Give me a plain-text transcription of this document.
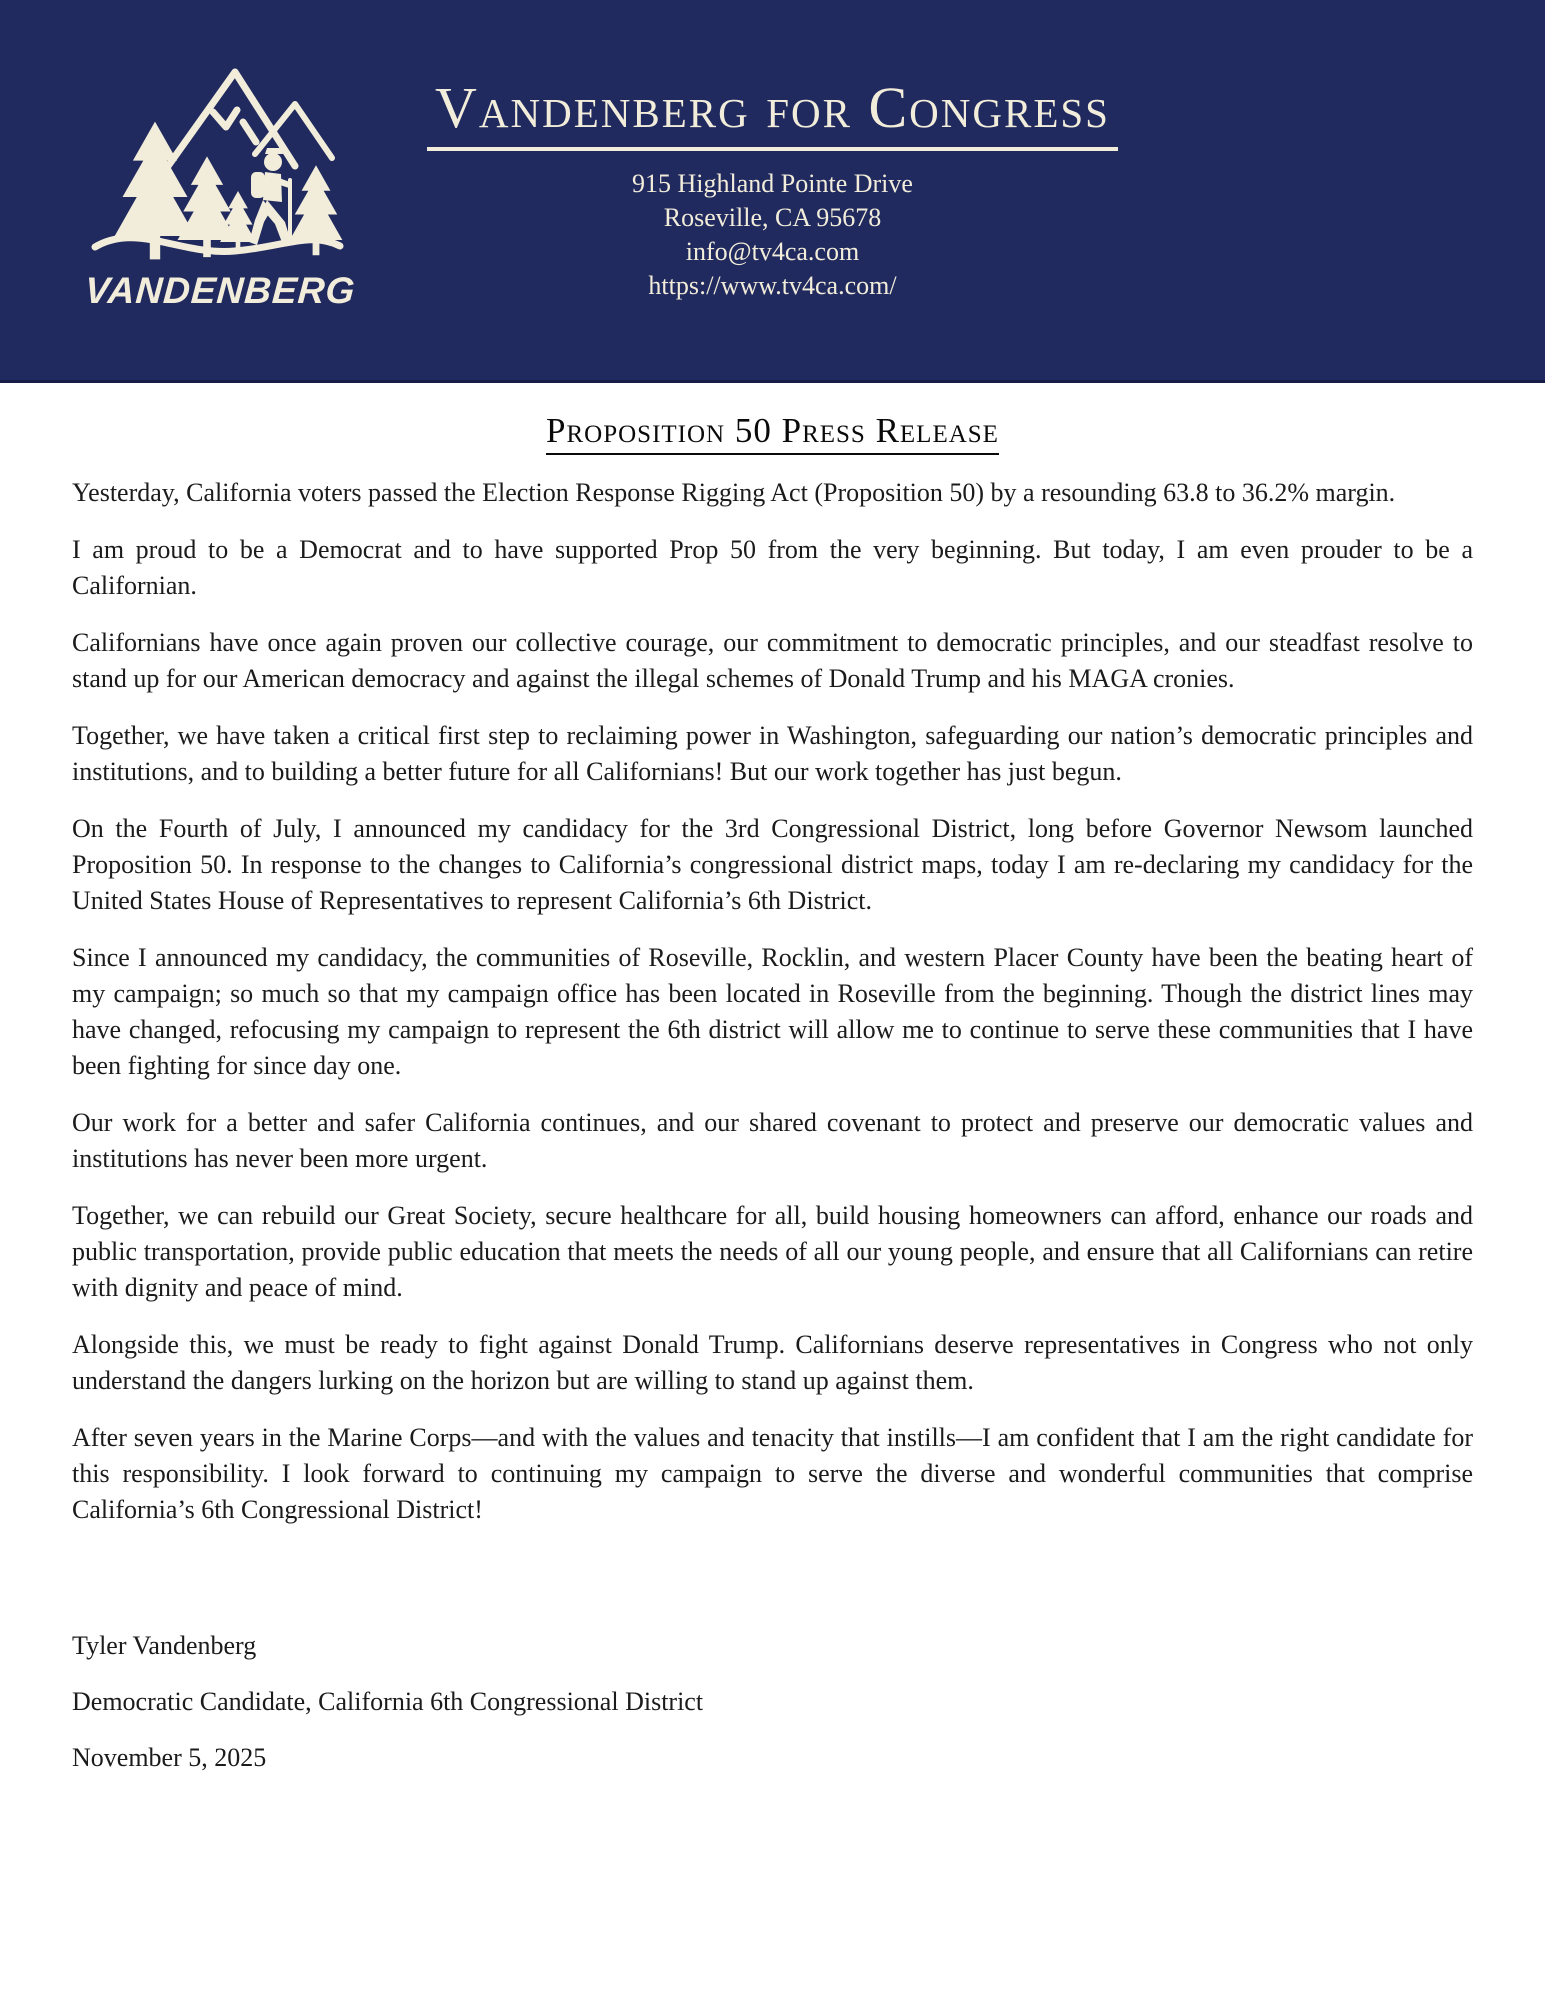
VANDENBERG
Vandenberg for Congress
915 Highland Pointe Drive
Roseville, CA 95678
info@tv4ca.com
https://www.tv4ca.com/
Proposition 50 Press Release

Yesterday, California voters passed the Election Response Rigging Act (Proposition 50) by a resounding 63.8 to 36.2% margin.

I am proud to be a Democrat and to have supported Prop 50 from the very beginning. But today, I am even prouder to be a Californian.

Californians have once again proven our collective courage, our commitment to democratic principles, and our steadfast resolve to stand up for our American democracy and against the illegal schemes of Donald Trump and his MAGA cronies.

Together, we have taken a critical first step to reclaiming power in Washington, safeguarding our nation’s democratic principles and institutions, and to building a better future for all Californians! But our work together has just begun.

On the Fourth of July, I announced my candidacy for the 3rd Congressional District, long before Governor Newsom launched Proposition 50. In response to the changes to California’s congressional district maps, today I am re-declaring my candidacy for the United States House of Representatives to represent California’s 6th District.

Since I announced my candidacy, the communities of Roseville, Rocklin, and western Placer County have been the beating heart of my campaign; so much so that my campaign office has been located in Roseville from the beginning. Though the district lines may have changed, refocusing my campaign to represent the 6th district will allow me to continue to serve these communities that I have been fighting for since day one.

Our work for a better and safer California continues, and our shared covenant to protect and preserve our democratic values and institutions has never been more urgent.

Together, we can rebuild our Great Society, secure healthcare for all, build housing homeowners can afford, enhance our roads and public transportation, provide public education that meets the needs of all our young people, and ensure that all Californians can retire with dignity and peace of mind.

Alongside this, we must be ready to fight against Donald Trump. Californians deserve representatives in Congress who not only understand the dangers lurking on the horizon but are willing to stand up against them.

After seven years in the Marine Corps—and with the values and tenacity that instills—I am confident that I am the right candidate for this responsibility. I look forward to continuing my campaign to serve the diverse and wonderful communities that comprise California’s 6th Congressional District!

Tyler Vandenberg
Democratic Candidate, California 6th Congressional District
November 5, 2025
